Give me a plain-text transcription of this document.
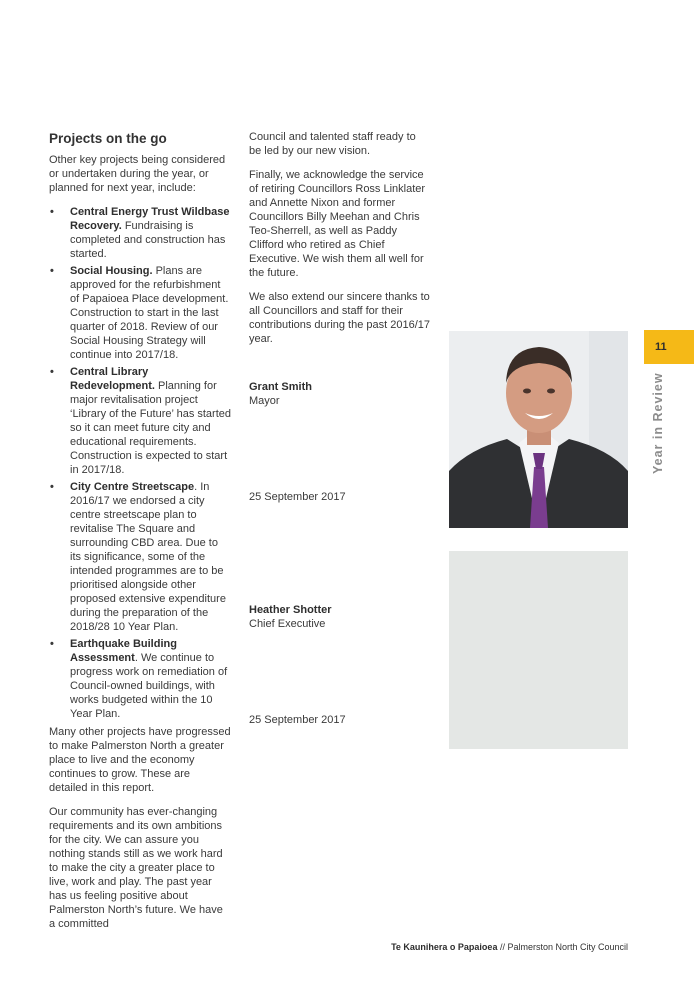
Projects on the go

Other key projects being considered or undertaken during the year, or planned for next year, include:

• Central Energy Trust Wildbase Recovery. Fundraising is completed and construction has started.
• Social Housing. Plans are approved for the refurbishment of Papaioea Place development. Construction to start in the last quarter of 2018. Review of our Social Housing Strategy will continue into 2017/18.
• Central Library Redevelopment. Planning for major revitalisation project ‘Library of the Future’ has started so it can meet future city and educational requirements. Construction is expected to start in 2017/18.
• City Centre Streetscape. In 2016/17 we endorsed a city centre streetscape plan to revitalise The Square and surrounding CBD area. Due to its significance, some of the intended programmes are to be prioritised alongside other proposed extensive expenditure during the preparation of the 2018/28 10 Year Plan.
• Earthquake Building Assessment. We continue to progress work on remediation of Council-owned buildings, with works budgeted within the 10 Year Plan.

Many other projects have progressed to make Palmerston North a greater place to live and the economy continues to grow. These are detailed in this report.

Our community has ever-changing requirements and its own ambitions for the city. We can assure you nothing stands still as we work hard to make the city a greater place to live, work and play. The past year has us feeling positive about Palmerston North’s future. We have a committed

Council and talented staff ready to be led by our new vision.

Finally, we acknowledge the service of retiring Councillors Ross Linklater and Annette Nixon and former Councillors Billy Meehan and Chris Teo-Sherrell, as well as Paddy Clifford who retired as Chief Executive. We wish them all well for the future.

We also extend our sincere thanks to all Councillors and staff for their contributions during the past 2016/17 year.

Grant Smith
Mayor
25 September 2017
Heather Shotter
Chief Executive
25 September 2017
11
Year in Review
Te Kaunihera o Papaioea // Palmerston North City Council
